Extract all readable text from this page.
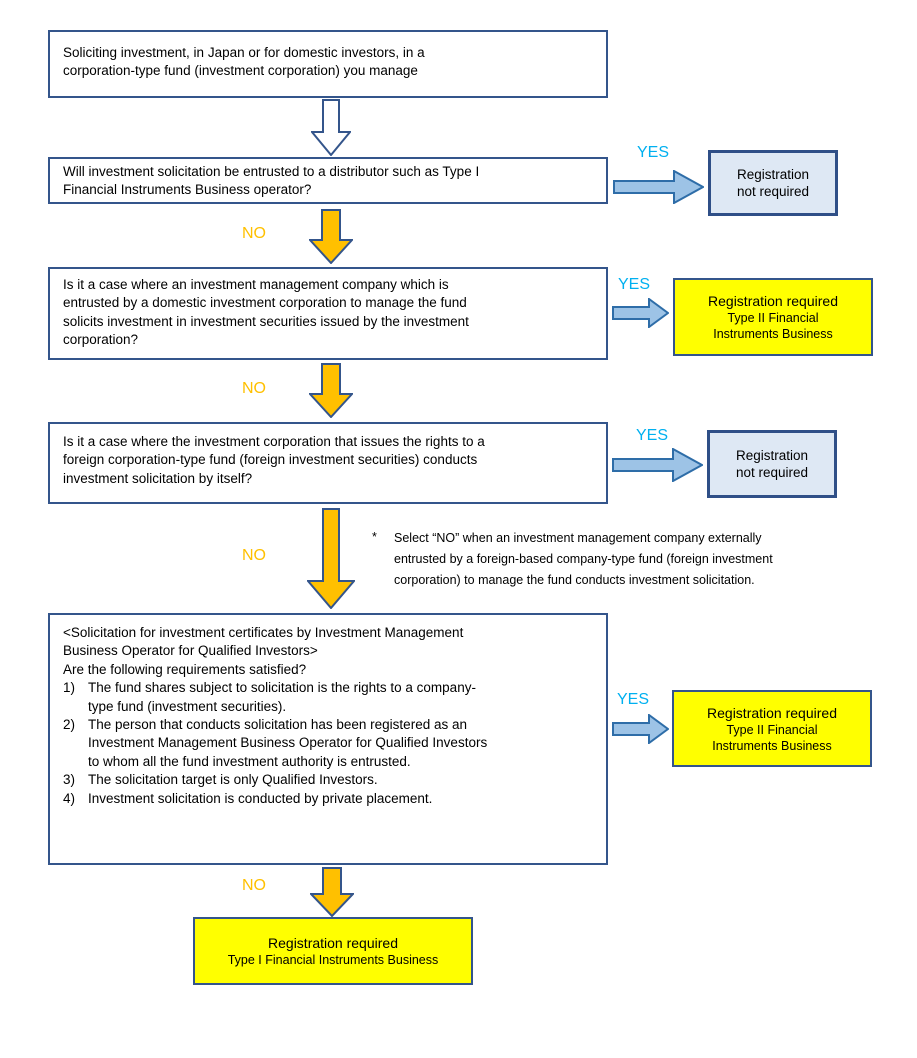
Soliciting investment, in Japan or for domestic investors, in a
corporation-type fund (investment corporation) you manage
Will investment solicitation be entrusted to a distributor such as Type I
Financial Instruments Business operator?
YES
Registration
not required
NO
Is it a case where an investment management company which is
entrusted by a domestic investment corporation to manage the fund
solicits investment in investment securities issued by the investment
corporation?
YES
Registration required
Type II Financial
Instruments Business
NO
Is it a case where the investment corporation that issues the rights to a
foreign corporation-type fund (foreign investment securities) conducts
investment solicitation by itself?
YES
Registration
not required
NO
* Select “NO” when an investment management company externally
entrusted by a foreign-based company-type fund (foreign investment
corporation) to manage the fund conducts investment solicitation.
<Solicitation for investment certificates by Investment Management
Business Operator for Qualified Investors>
Are the following requirements satisfied?
1) The fund shares subject to solicitation is the rights to a company-
type fund (investment securities).
2) The person that conducts solicitation has been registered as an
Investment Management Business Operator for Qualified Investors
to whom all the fund investment authority is entrusted.
3) The solicitation target is only Qualified Investors.
4) Investment solicitation is conducted by private placement.
YES
Registration required
Type II Financial
Instruments Business
NO
Registration required
Type I Financial Instruments Business
